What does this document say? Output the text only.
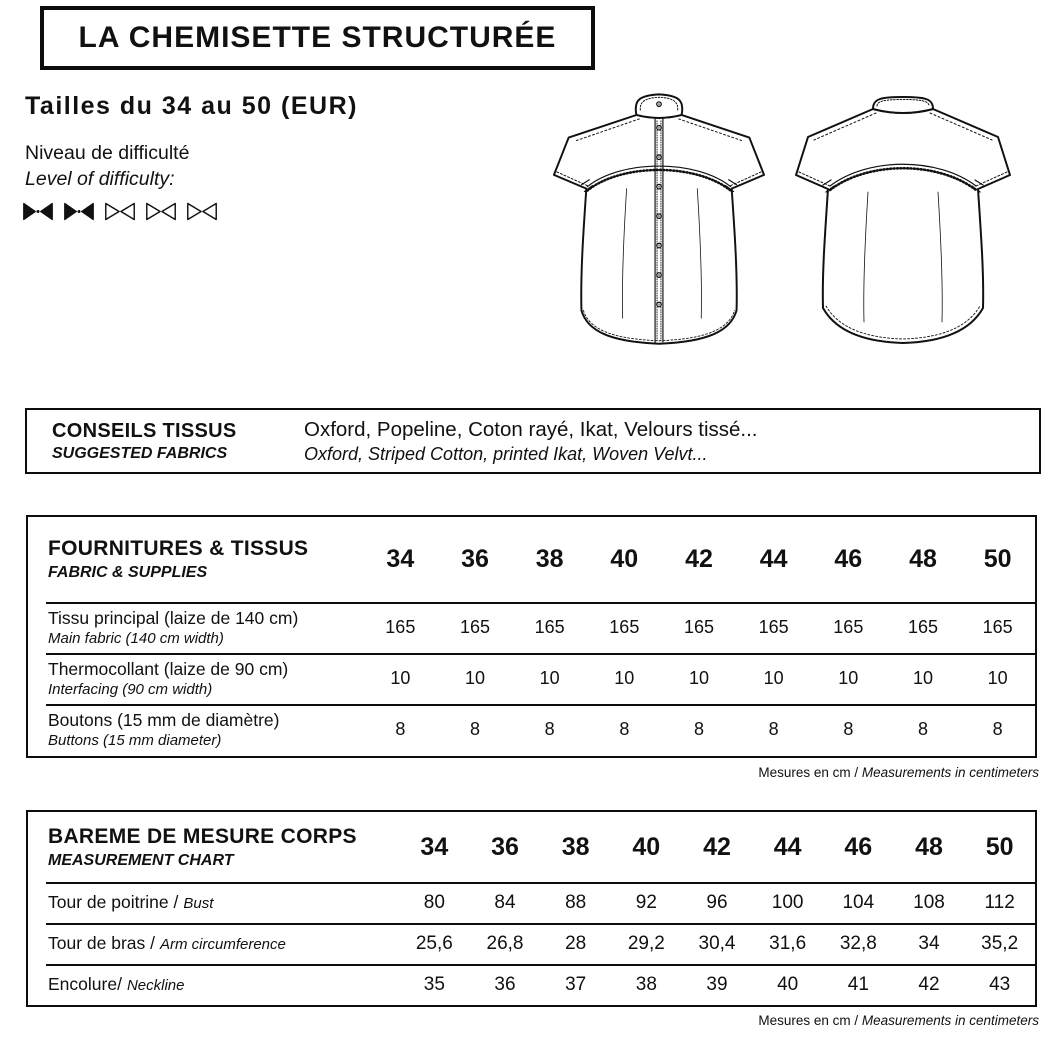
LA CHEMISETTE STRUCTURÉE
Tailles du 34 au 50 (EUR)
Niveau de difficulté
Level of difficulty:
CONSEILS TISSUS
SUGGESTED FABRICS
Oxford, Popeline, Coton rayé, Ikat, Velours tissé...
Oxford, Striped Cotton, printed Ikat, Woven Velvt...
FOURNITURES & TISSUS
FABRIC & SUPPLIES	34	36	38	40	42	44	46	48	50
Tissu principal (laize de 140 cm)
Main fabric (140 cm width)
165	165	165	165	165	165	165	165	165
Thermocollant (laize de 90 cm)
Interfacing (90 cm width)
10	10	10	10	10	10	10	10	10
Boutons (15 mm de diamètre)
Buttons (15 mm diameter)
8	8	8	8	8	8	8	8	8
Mesures en cm / Measurements in centimeters
BAREME DE MESURE CORPS
MEASUREMENT CHART	34	36	38	40	42	44	46	48	50
Tour de poitrine / Bust	80	84	88	92	96	100	104	108	112
Tour de bras / Arm circumference	25,6	26,8	28	29,2	30,4	31,6	32,8	34	35,2
Encolure/ Neckline	35	36	37	38	39	40	41	42	43
Mesures en cm / Measurements in centimeters
